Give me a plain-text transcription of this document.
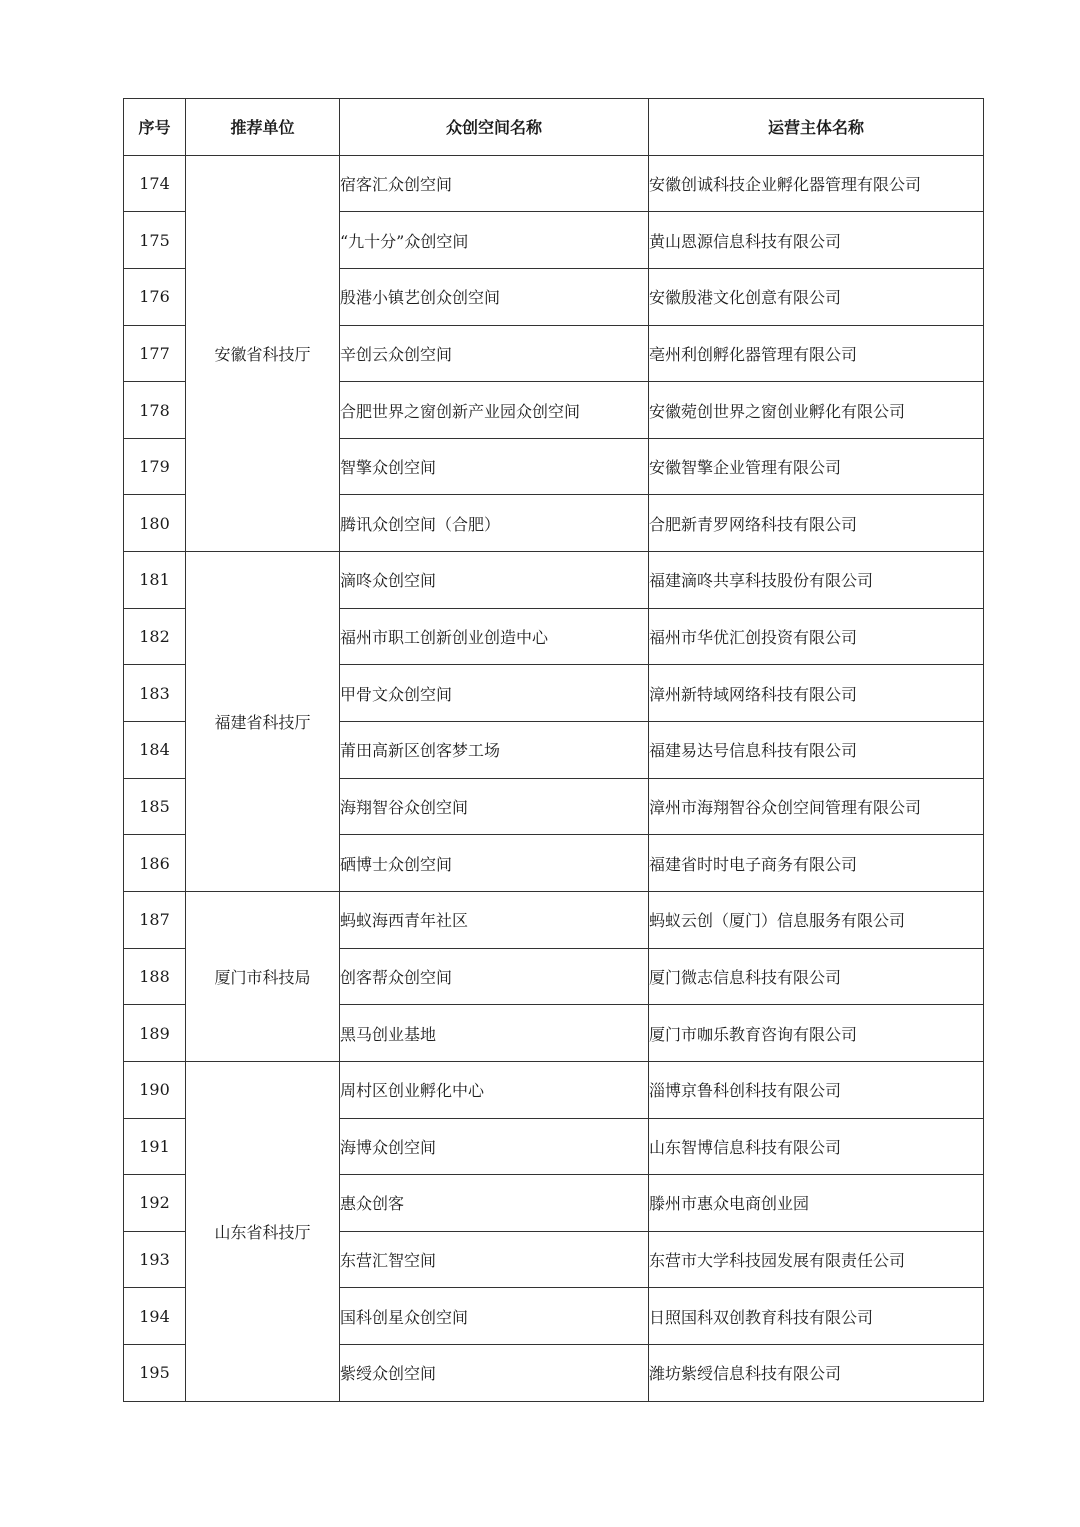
序号	推荐单位	众创空间名称	运营主体名称
174	安徽省科技厅	宿客汇众创空间	安徽创诚科技企业孵化器管理有限公司
175		“九十分”众创空间	黄山恩源信息科技有限公司
176		殷港小镇艺创众创空间	安徽殷港文化创意有限公司
177		辛创云众创空间	亳州利创孵化器管理有限公司
178		合肥世界之窗创新产业园众创空间	安徽菀创世界之窗创业孵化有限公司
179		智擎众创空间	安徽智擎企业管理有限公司
180		腾讯众创空间（合肥）	合肥新青罗网络科技有限公司
181	福建省科技厅	滴咚众创空间	福建滴咚共享科技股份有限公司
182		福州市职工创新创业创造中心	福州市华优汇创投资有限公司
183		甲骨文众创空间	漳州新特域网络科技有限公司
184		莆田高新区创客梦工场	福建易达号信息科技有限公司
185		海翔智谷众创空间	漳州市海翔智谷众创空间管理有限公司
186		硒博士众创空间	福建省时时电子商务有限公司
187	厦门市科技局	蚂蚁海西青年社区	蚂蚁云创（厦门）信息服务有限公司
188		创客帮众创空间	厦门微志信息科技有限公司
189		黑马创业基地	厦门市咖乐教育咨询有限公司
190	山东省科技厅	周村区创业孵化中心	淄博京鲁科创科技有限公司
191		海博众创空间	山东智博信息科技有限公司
192		惠众创客	滕州市惠众电商创业园
193		东营汇智空间	东营市大学科技园发展有限责任公司
194		国科创星众创空间	日照国科双创教育科技有限公司
195		紫绶众创空间	潍坊紫绶信息科技有限公司
